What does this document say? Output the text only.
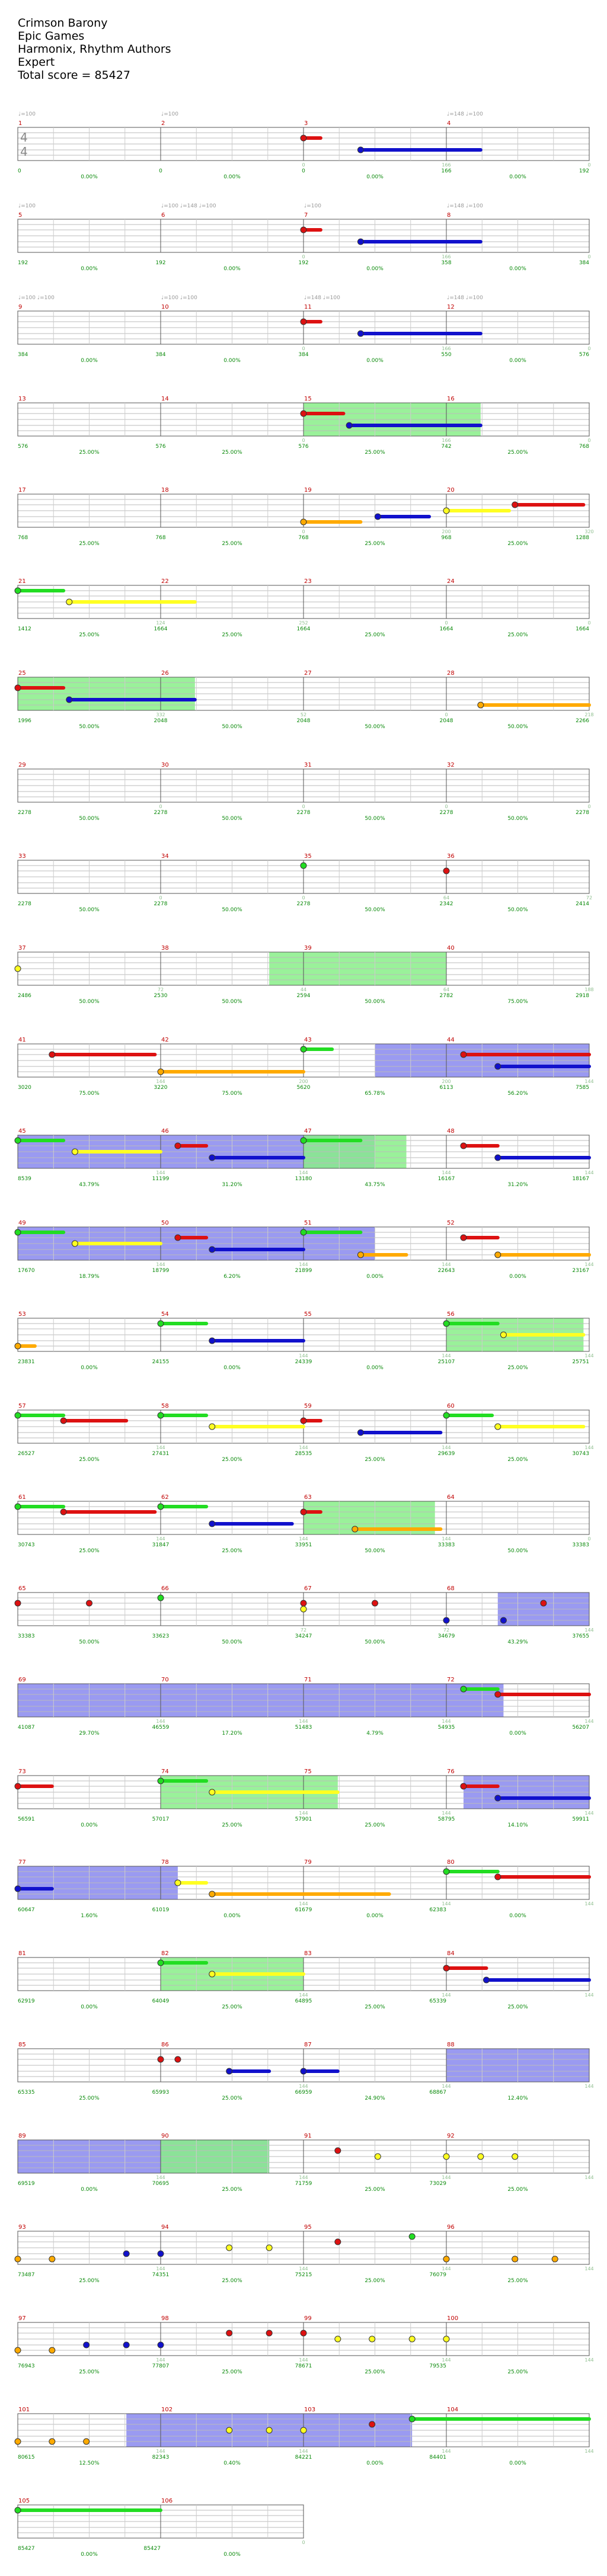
Crimson Barony
Epic Games
Harmonix, Rhythm Authors
Expert
Total score = 85427
4
4
1
♩=100
2
♩=100
0
3
166
4
♩=148 ♩=100
0
0	0	0	166	192
0.00%	0.00%	0.00%	0.00%
5
♩=100
6
♩=100 ♩=148 ♩=100
0
7
♩=100
166
8
♩=148 ♩=100
0
192	192	192	358	384
0.00%	0.00%	0.00%	0.00%
9
♩=100 ♩=100
10
♩=100 ♩=100
0
11
♩=148 ♩=100
166
12
♩=148 ♩=100
0
384	384	384	550	576
0.00%	0.00%	0.00%	0.00%
13	14
0
15
166
16
0
576	576	576	742	768
25.00%	25.00%	25.00%	25.00%
17	18
0
19
200
20
320
768	768	768	968	1288
25.00%	25.00%	25.00%	25.00%
21
124
22
252
23
0
24
0
1412	1664	1664	1664	1664
25.00%	25.00%	25.00%	25.00%
25
332
26
52
27
0
28
218
1996	2048	2048	2048	2266
50.00%	50.00%	50.00%	50.00%
29
0
30
0
31
0
32
0
2278	2278	2278	2278	2278
50.00%	50.00%	50.00%	50.00%
33
0
34
0
35
64
36
72
2278	2278	2278	2342	2414
50.00%	50.00%	50.00%	50.00%
37
72
38
44
39
64
40
188
2486	2530	2594	2782	2918
50.00%	50.00%	50.00%	75.00%
41
144
42
200
43
200
44
144
3020	3220	5620	6113	7585
75.00%	75.00%	65.78%	56.20%
45
144
46
144
47
144
48
144
8539	11199	13180	16167	18167
43.79%	31.20%	43.75%	31.20%
49
144
50
144
51
144
52
144
17670	18799	21899	22643	23167
18.79%	6.20%	0.00%	0.00%
53	54
144
55
144
56
144
23831	24155	24339	25107	25751
0.00%	0.00%	0.00%	25.00%
57
144
58
144
59
144
60
144
26527	27431	28535	29639	30743
25.00%	25.00%	25.00%	25.00%
61
144
62
144
63
144
64
0
30743	31847	33951	33383	33383
25.00%	25.00%	50.00%	50.00%
65	66
72
67
72
68
144
33383	33623	34247	34679	37655
50.00%	50.00%	50.00%	43.29%
69
144
70
144
71
144
72
144
41087	46559	51483	54935	56207
29.70%	17.20%	4.79%	0.00%
73	74
144
75
144
76
144
56591	57017	57901	58795	59911
0.00%	25.00%	25.00%	14.10%
77	78
144
79
144
80
144
60647	61019	61679	62383
1.60%	0.00%	0.00%	0.00%
81	82
144
83
144
84
144
62919	64049	64895	65339
0.00%	25.00%	25.00%	25.00%
85	86
144
87
144
88
144
65335	65993	66959	68867
25.00%	25.00%	24.90%	12.40%
89
144
90
144
91
144
92
144
69519	70695	71759	73029
0.00%	25.00%	25.00%	25.00%
93
144
94
144
95
144
96
144
73487	74351	75215	76079
25.00%	25.00%	25.00%	25.00%
97
144
98
144
99
144
100
144
76943	77807	78671	79535
25.00%	25.00%	25.00%	25.00%
101
144
102
144
103
144
104
144
80615	82343	84221	84401
12.50%	0.40%	0.00%	0.00%
105	106
0
85427	85427
0.00%	0.00%
